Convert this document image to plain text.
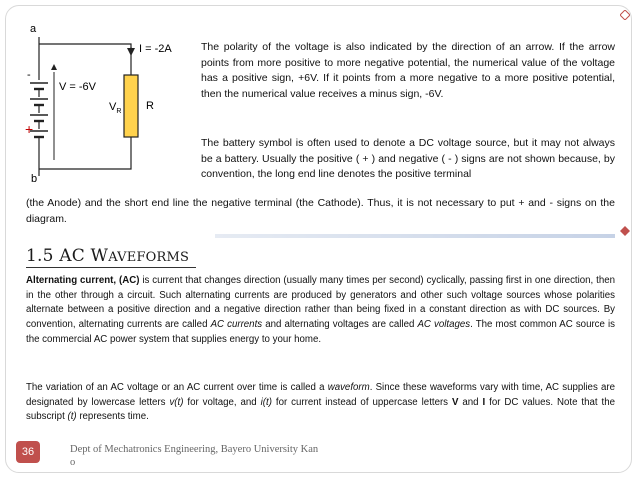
a
b
I = -2A
-
+
V = -6V
$V_R$ R
The polarity of the voltage is also indicated by the direction of an arrow. If the arrow points from more positive to more negative potential, the numerical value of the voltage has a positive sign, +6V. If it points from a more negative to a more positive potential, then the numerical value receives a minus sign, -6V.
The battery symbol is often used to denote a DC voltage source, but it may not always be a battery. Usually the positive ( + ) and negative ( - ) signs are not shown because, by convention, the long end line denotes the positive terminal
(the Anode) and the short end line the negative terminal (the Cathode). Thus, it is not necessary to put + and - signs on the diagram.
1.5 AC WAVEFORMS
Alternating current, (AC) is current that changes direction (usually many times per second) cyclically, passing first in one direction, then in the other through a circuit. Such alternating currents are produced by generators and other such voltage sources whose polarities alternate between a positive direction and a negative direction rather than being fixed in a constant direction as with DC sources. By convention, alternating currents are called AC currents and alternating voltages are called AC voltages. The most common AC source is the commercial AC power system that supplies energy to your home.
The variation of an AC voltage or an AC current over time is called a waveform. Since these waveforms vary with time, AC supplies are designated by lowercase letters v(t) for voltage, and i(t) for current instead of uppercase letters V and I for DC values. Note that the subscript (t) represents time.
36	Dept of Mechatronics Engineering, Bayero University Kan
o
